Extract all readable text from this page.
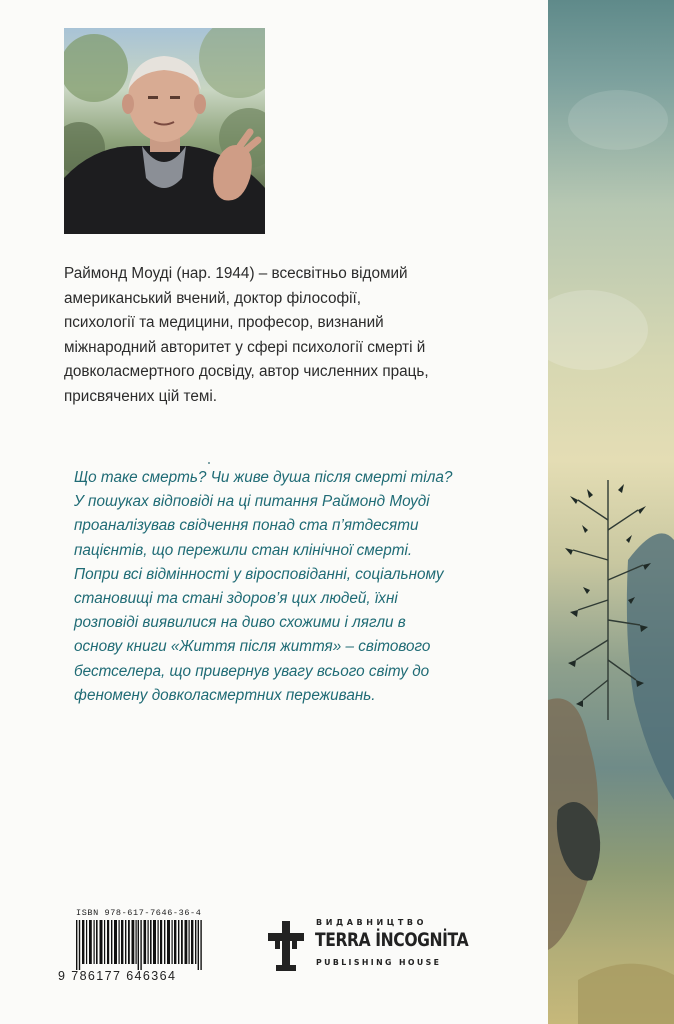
Раймонд Моуді (нар. 1944) – всесвітньо відомий
американський вчений, доктор філософії,
психології та медицини, професор, визнаний
міжнародний авторитет у сфері психології смерті й
довколасмертного досвіду, автор численних праць,
присвячених цій темі.

Що таке смерть? Чи живе душа після смерті тіла?
У пошуках відповіді на ці питання Раймонд Моуді
проаналізував свідчення понад ста п’ятдесяти
пацієнтів, що пережили стан клінічної смерті.
Попри всі відмінності у віросповіданні, соціальному
становищі та стані здоров’я цих людей, їхні
розповіді виявилися на диво схожими і лягли в
основу книги «Життя після життя» – світового
бестселера, що привернув увагу всього світу до
феномену довколасмертних переживань.

ISBN 978-617-7646-36-4
9 786177 646364
ВИДАВНИЦТВО
TERRA İNCOGNİTA
PUBLISHING HOUSE
